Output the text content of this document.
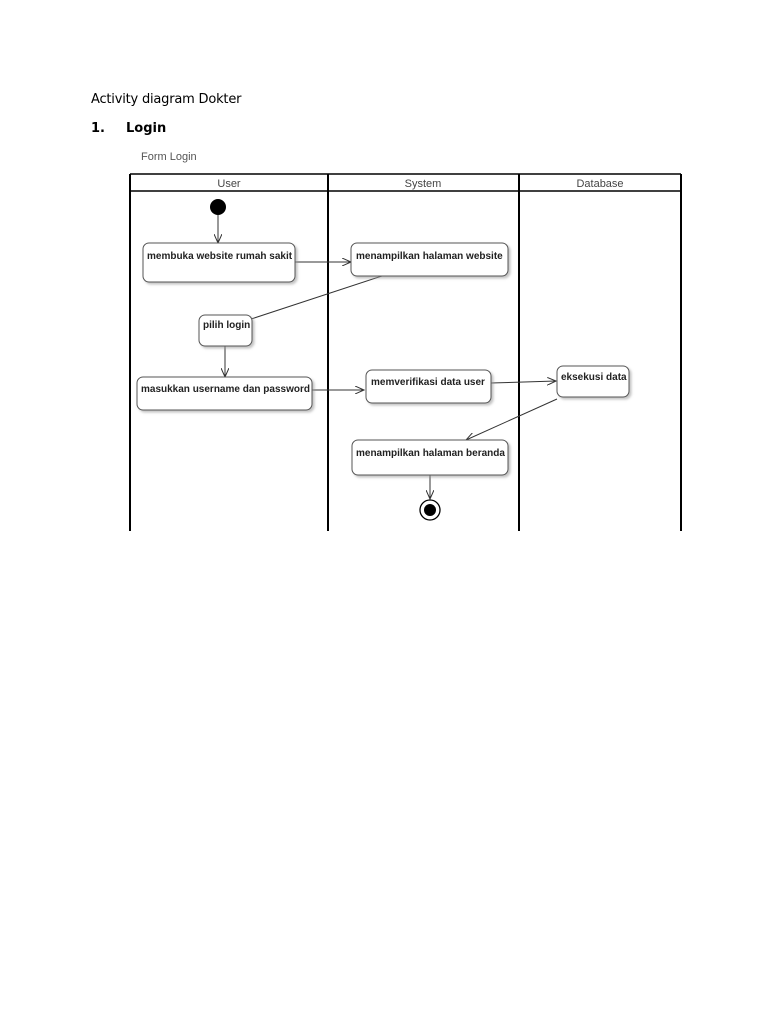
Activity diagram Dokter
1. Login
Form Login
User	System	Database
membuka website rumah sakit	menampilkan halaman website
pilih login
masukkan username dan password
memverifikasi data user	eksekusi data
menampilkan halaman beranda
